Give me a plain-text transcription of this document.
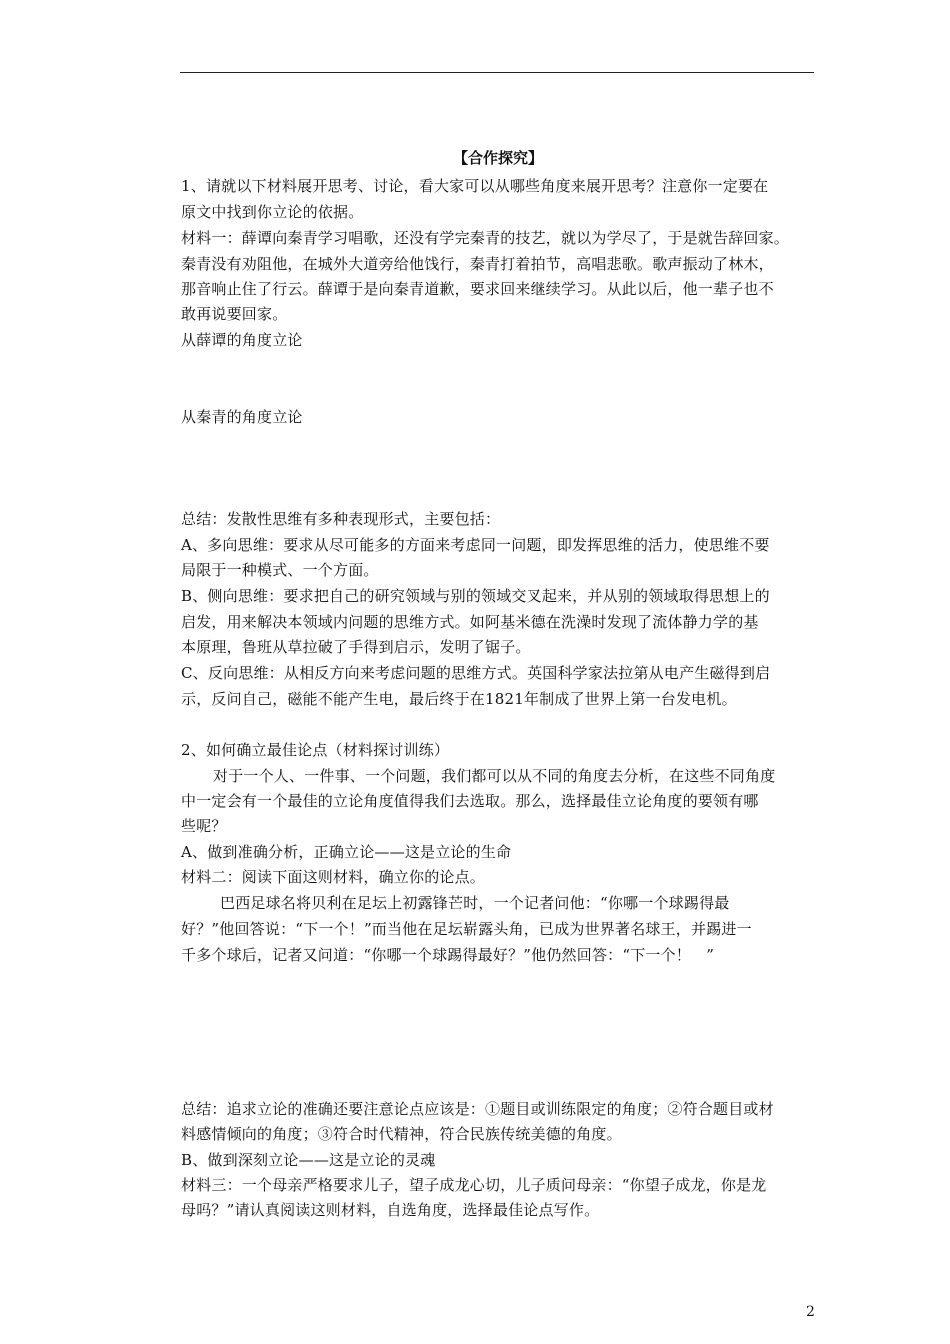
【合作探究】
1、请就以下材料展开思考、讨论，看大家可以从哪些角度来展开思考？注意你一定要在
原文中找到你立论的依据。
材料一：薛谭向秦青学习唱歌，还没有学完秦青的技艺，就以为学尽了，于是就告辞回家。
秦青没有劝阻他，在城外大道旁给他饯行，秦青打着拍节，高唱悲歌。歌声振动了林木，
那音响止住了行云。薛谭于是向秦青道歉，要求回来继续学习。从此以后，他一辈子也不
敢再说要回家。
从薛谭的角度立论
从秦青的角度立论
总结：发散性思维有多种表现形式，主要包括：
A、多向思维：要求从尽可能多的方面来考虑同一问题，即发挥思维的活力，使思维不要
局限于一种模式、一个方面。
B、侧向思维：要求把自己的研究领域与别的领域交叉起来，并从别的领域取得思想上的
启发，用来解决本领域内问题的思维方式。如阿基米德在洗澡时发现了流体静力学的基
本原理，鲁班从草拉破了手得到启示，发明了锯子。
C、反向思维：从相反方向来考虑问题的思维方式。英国科学家法拉第从电产生磁得到启
示，反问自己，磁能不能产生电，最后终于在1821年制成了世界上第一台发电机。
2、如何确立最佳论点（材料探讨训练）
对于一个人、一件事、一个问题，我们都可以从不同的角度去分析，在这些不同角度
中一定会有一个最佳的立论角度值得我们去选取。那么，选择最佳立论角度的要领有哪
些呢？
A、做到准确分析，正确立论——这是立论的生命
材料二：阅读下面这则材料，确立你的论点。
巴西足球名将贝利在足坛上初露锋芒时，一个记者问他：“你哪一个球踢得最
好？”他回答说：“下一个！”而当他在足坛崭露头角，已成为世界著名球王，并踢进一
千多个球后，记者又问道：“你哪一个球踢得最好？”他仍然回答：“下一个！　”
总结：追求立论的准确还要注意论点应该是：①题目或训练限定的角度；②符合题目或材
料感情倾向的角度；③符合时代精神，符合民族传统美德的角度。
B、做到深刻立论——这是立论的灵魂
材料三：一个母亲严格要求儿子，望子成龙心切，儿子质问母亲：“你望子成龙，你是龙
母吗？”请认真阅读这则材料，自选角度，选择最佳论点写作。
2
